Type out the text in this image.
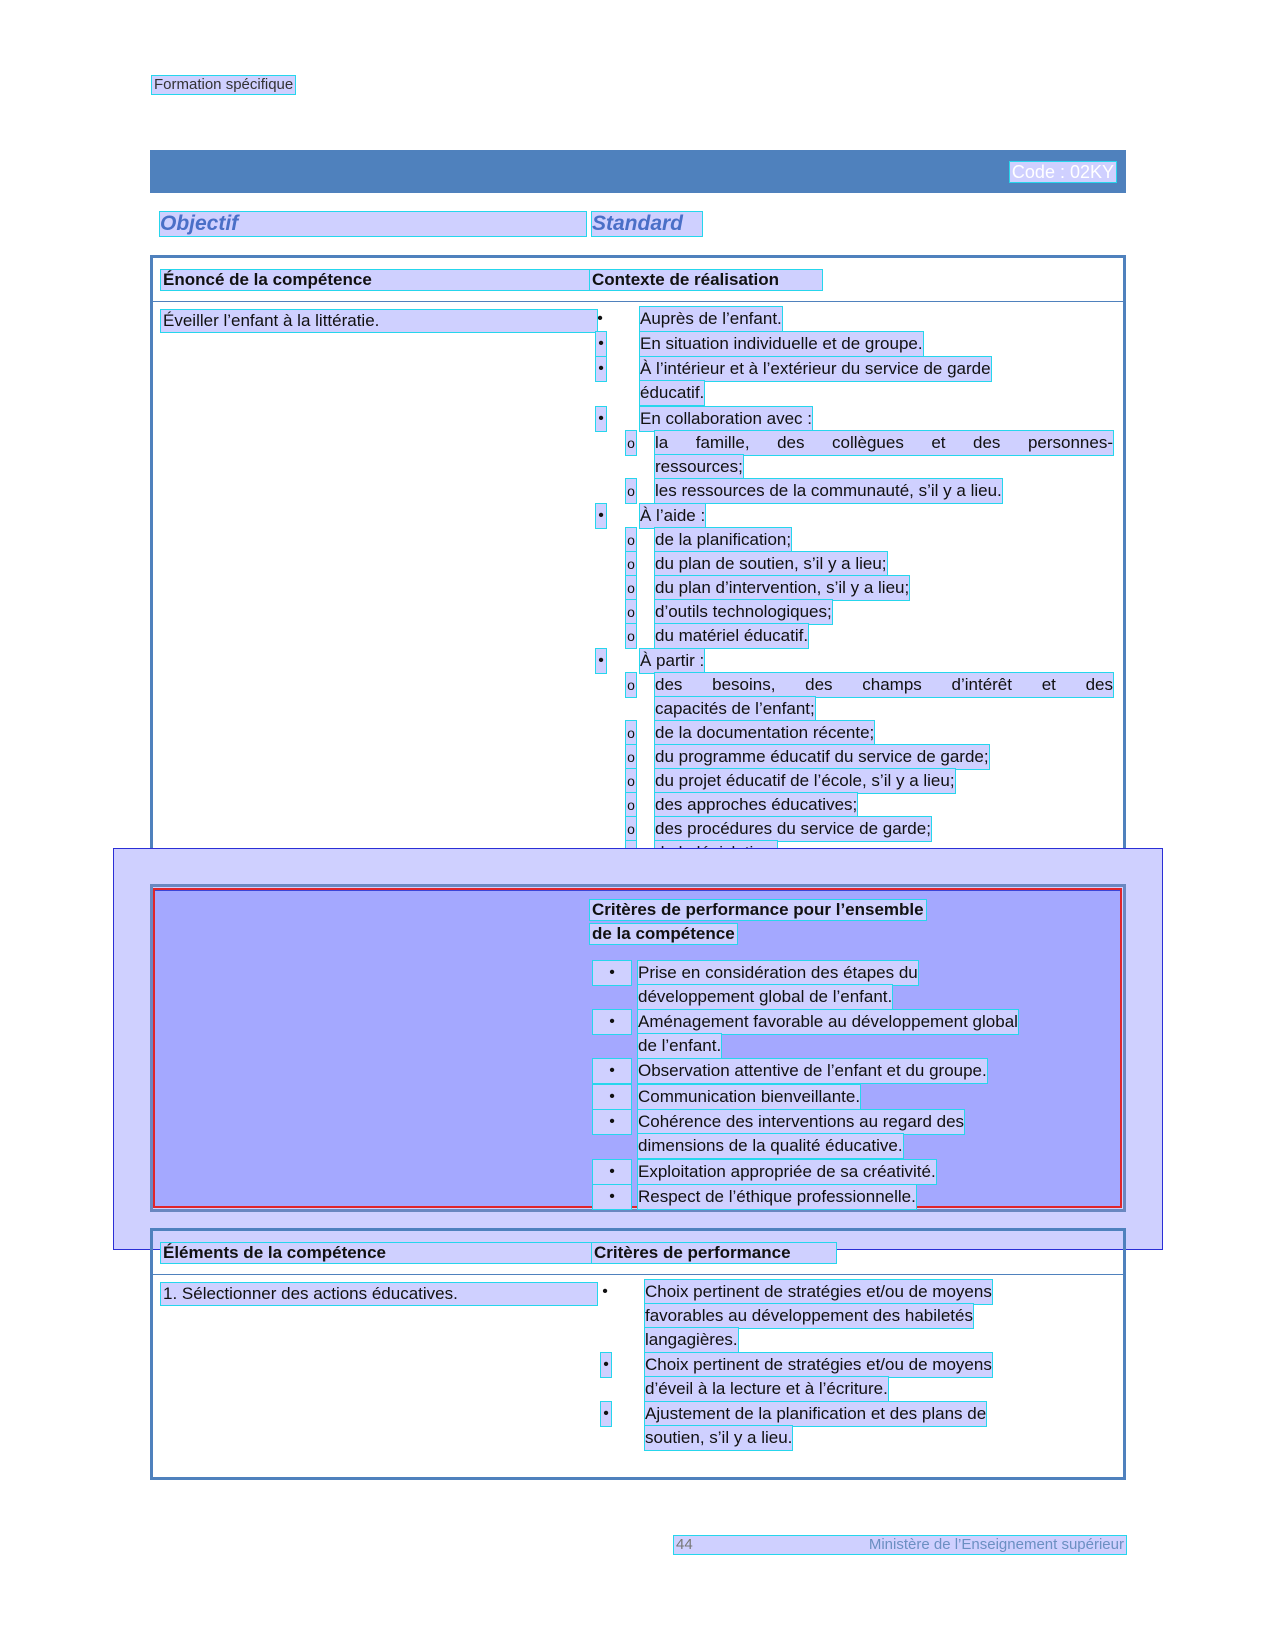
Formation spécifique
Code : 02KY
Objectif	Standard
Énoncé de la compétence	Contexte de réalisation
Éveiller l’enfant à la littératie.	• Auprès de l’enfant.
• En situation individuelle et de groupe.
• À l’intérieur et à l’extérieur du service de garde
éducatif.
• En collaboration avec :
o la famille, des collègues et des personnes-
ressources;
o les ressources de la communauté, s’il y a lieu.
• À l’aide :
o de la planification;
o du plan de soutien, s’il y a lieu;
o du plan d’intervention, s’il y a lieu;
o d’outils technologiques;
o du matériel éducatif.
• À partir :
o des besoins, des champs d’intérêt et des
capacités de l’enfant;
o de la documentation récente;
o du programme éducatif du service de garde;
o du projet éducatif de l’école, s’il y a lieu;
o des approches éducatives;
o des procédures du service de garde;
Critères de performance pour l’ensemble
de la compétence
•	Prise en considération des étapes du
développement global de l’enfant.
•	Aménagement favorable au développement global
de l’enfant.
•	Observation attentive de l’enfant et du groupe.
•	Communication bienveillante.
•	Cohérence des interventions au regard des
dimensions de la qualité éducative.
•	Exploitation appropriée de sa créativité.
•	Respect de l’éthique professionnelle.
Éléments de la compétence	Critères de performance
1. Sélectionner des actions éducatives.	• Choix pertinent de stratégies et/ou de moyens
favorables au développement des habiletés
langagières.
• Choix pertinent de stratégies et/ou de moyens
d’éveil à la lecture et à l’écriture.
• Ajustement de la planification et des plans de
soutien, s’il y a lieu.
44	Ministère de l’Enseignement supérieur
